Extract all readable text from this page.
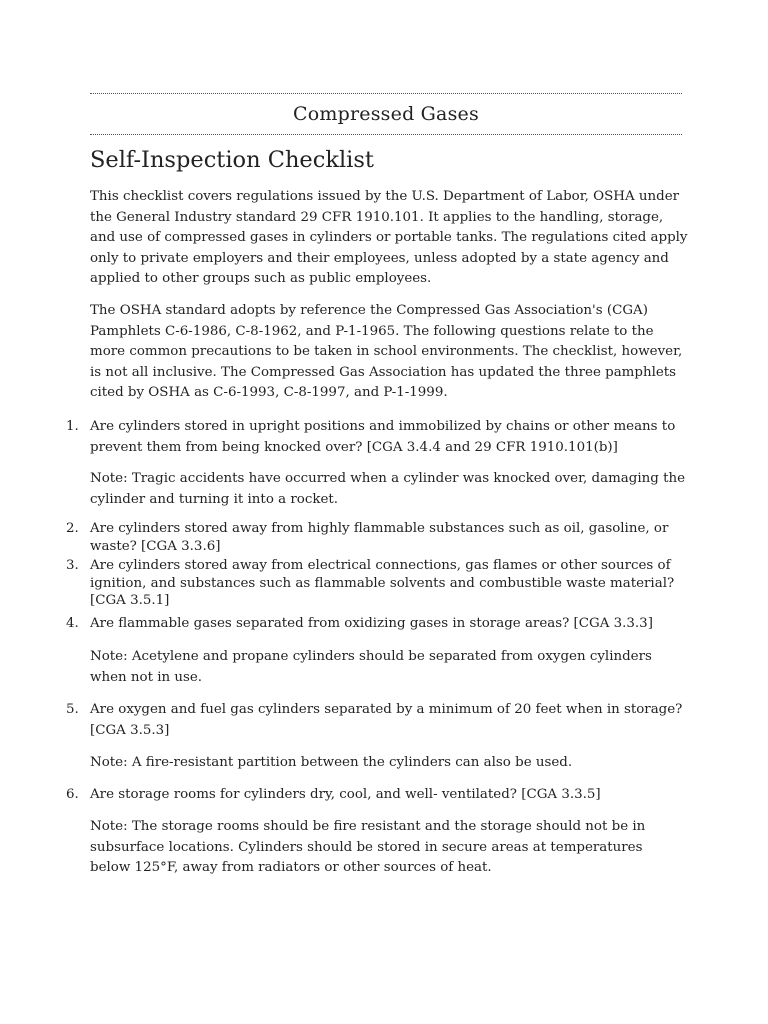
Compressed Gases
Self-Inspection Checklist

This checklist covers regulations issued by the U.S. Department of Labor, OSHA under the General Industry standard 29 CFR 1910.101. It applies to the handling, storage, and use of compressed gases in cylinders or portable tanks. The regulations cited apply only to private employers and their employees, unless adopted by a state agency and applied to other groups such as public employees.

The OSHA standard adopts by reference the Compressed Gas Association's (CGA) Pamphlets C-6-1986, C-8-1962, and P-1-1965. The following questions relate to the more common precautions to be taken in school environments. The checklist, however, is not all inclusive. The Compressed Gas Association has updated the three pamphlets cited by OSHA as C-6-1993, C-8-1997, and P-1-1999.

1. Are cylinders stored in upright positions and immobilized by chains or other means to prevent them from being knocked over? [CGA 3.4.4 and 29 CFR 1910.101(b)]
Note: Tragic accidents have occurred when a cylinder was knocked over, damaging the cylinder and turning it into a rocket.
2. Are cylinders stored away from highly flammable substances such as oil, gasoline, or waste? [CGA 3.3.6]
3. Are cylinders stored away from electrical connections, gas flames or other sources of ignition, and substances such as flammable solvents and combustible waste material? [CGA 3.5.1]
4. Are flammable gases separated from oxidizing gases in storage areas? [CGA 3.3.3]
Note: Acetylene and propane cylinders should be separated from oxygen cylinders when not in use.
5. Are oxygen and fuel gas cylinders separated by a minimum of 20 feet when in storage? [CGA 3.5.3]
Note: A fire-resistant partition between the cylinders can also be used.
6. Are storage rooms for cylinders dry, cool, and well- ventilated? [CGA 3.3.5]
Note: The storage rooms should be fire resistant and the storage should not be in subsurface locations. Cylinders should be stored in secure areas at temperatures below 125°F, away from radiators or other sources of heat.
